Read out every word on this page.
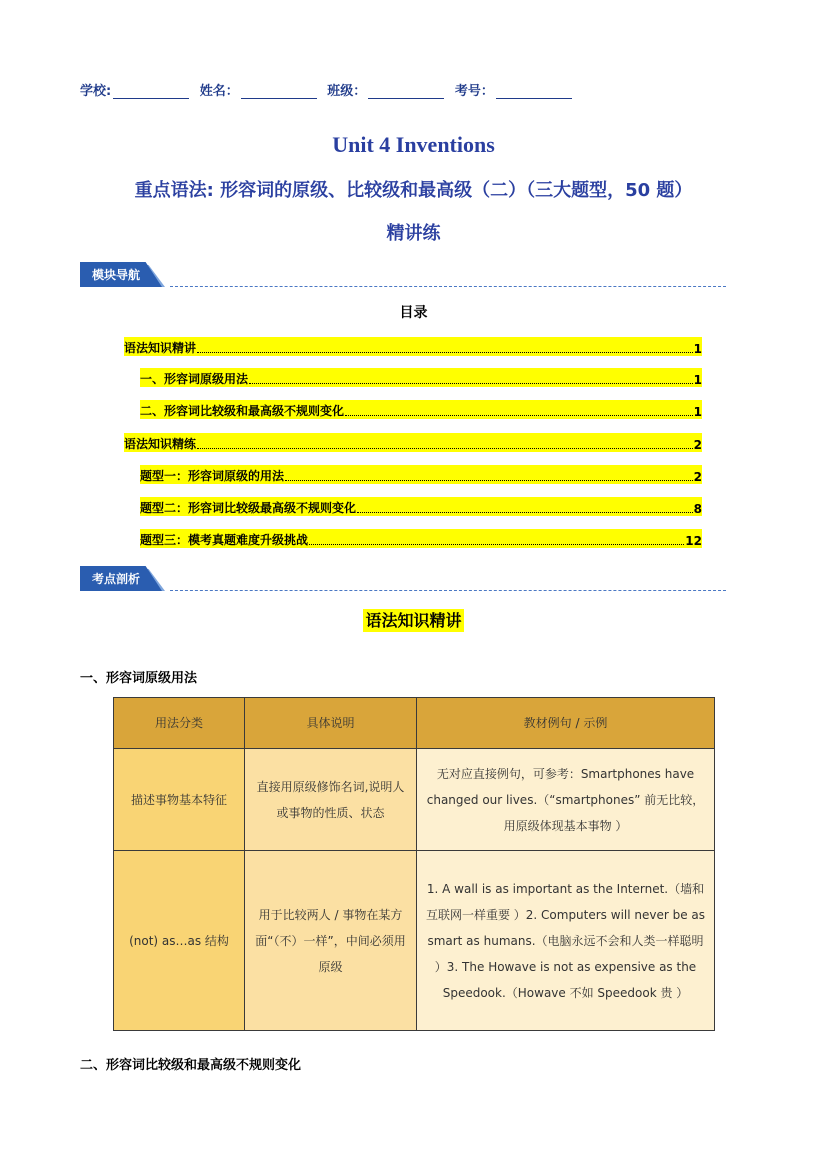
学校:	姓名：	班级：	考号：
Unit 4 Inventions
重点语法: 形容词的原级、比较级和最高级（二）（三大题型，50 题）
精讲练
模块导航
目录
语法知识精讲	1
一、形容词原级用法	1
二、形容词比较级和最高级不规则变化	1
语法知识精练	2
题型一：形容词原级的用法	2
题型二：形容词比较级最高级不规则变化	8
题型三：模考真题难度升级挑战	12
考点剖析
语法知识精讲
一、形容词原级用法
用法分类	具体说明	教材例句 / 示例
描述事物基本特征	直接用原级修饰名词,说明人或事物的性质、状态	无对应直接例句，可参考：Smartphones have changed our lives.（“smartphones” 前无比较，用原级体现基本事物 ）
(not) as…as 结构	用于比较两人 / 事物在某方面“（不）一样”，中间必须用原级	1. A wall is as important as the Internet.（墙和互联网一样重要 ）2. Computers will never be as smart as humans.（电脑永远不会和人类一样聪明 ）3. The Howave is not as expensive as the Speedook.（Howave 不如 Speedook 贵 ）
二、形容词比较级和最高级不规则变化
